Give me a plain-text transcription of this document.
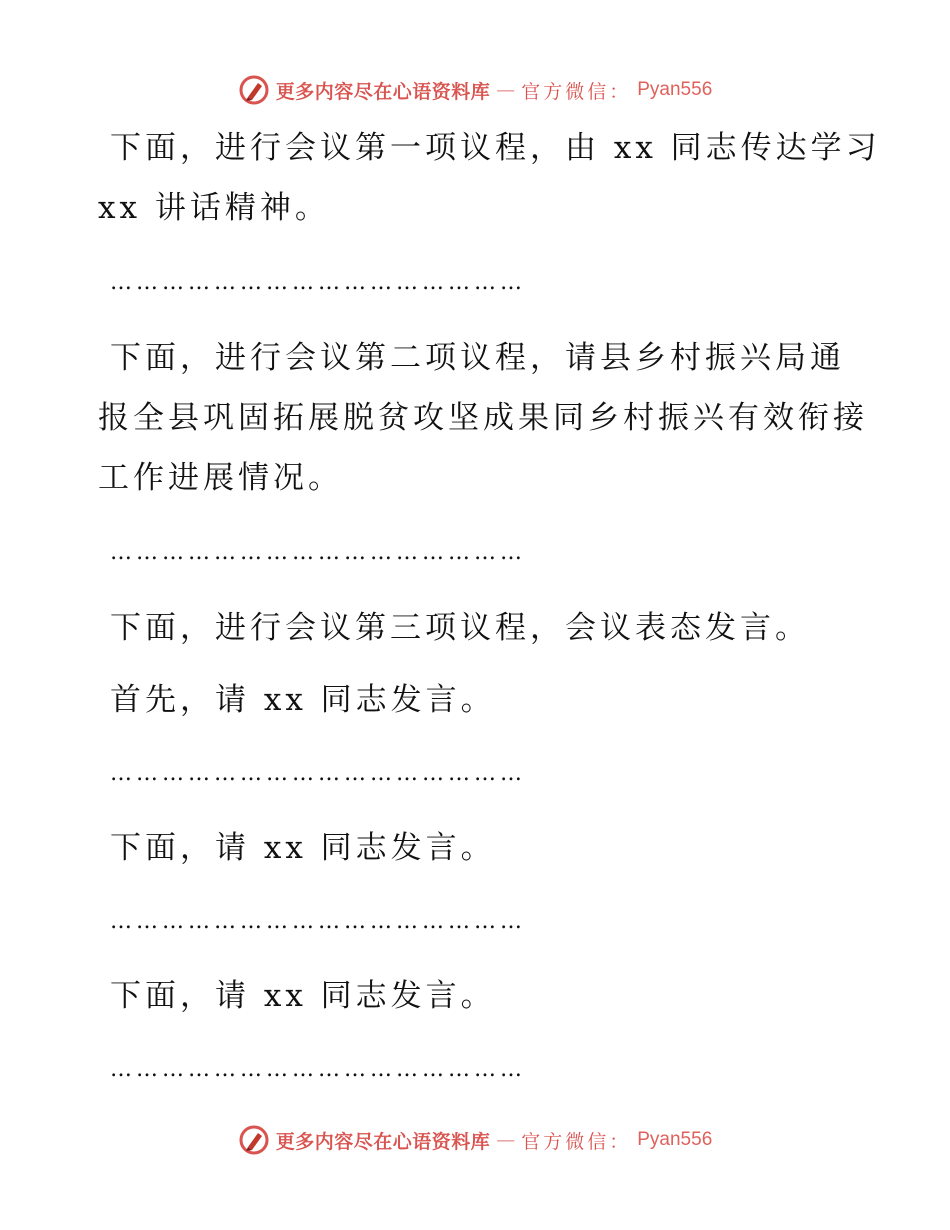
更多内容尽在心语资料库 — 官方微信： Pyan556
下面，进行会议第一项议程，由 xx 同志传达学习
xx 讲话精神。
…………………………………………
下面，进行会议第二项议程，请县乡村振兴局通
报全县巩固拓展脱贫攻坚成果同乡村振兴有效衔接
工作进展情况。
…………………………………………
下面，进行会议第三项议程，会议表态发言。
首先，请 xx 同志发言。
…………………………………………
下面，请 xx 同志发言。
…………………………………………
下面，请 xx 同志发言。
…………………………………………
更多内容尽在心语资料库 — 官方微信： Pyan556
